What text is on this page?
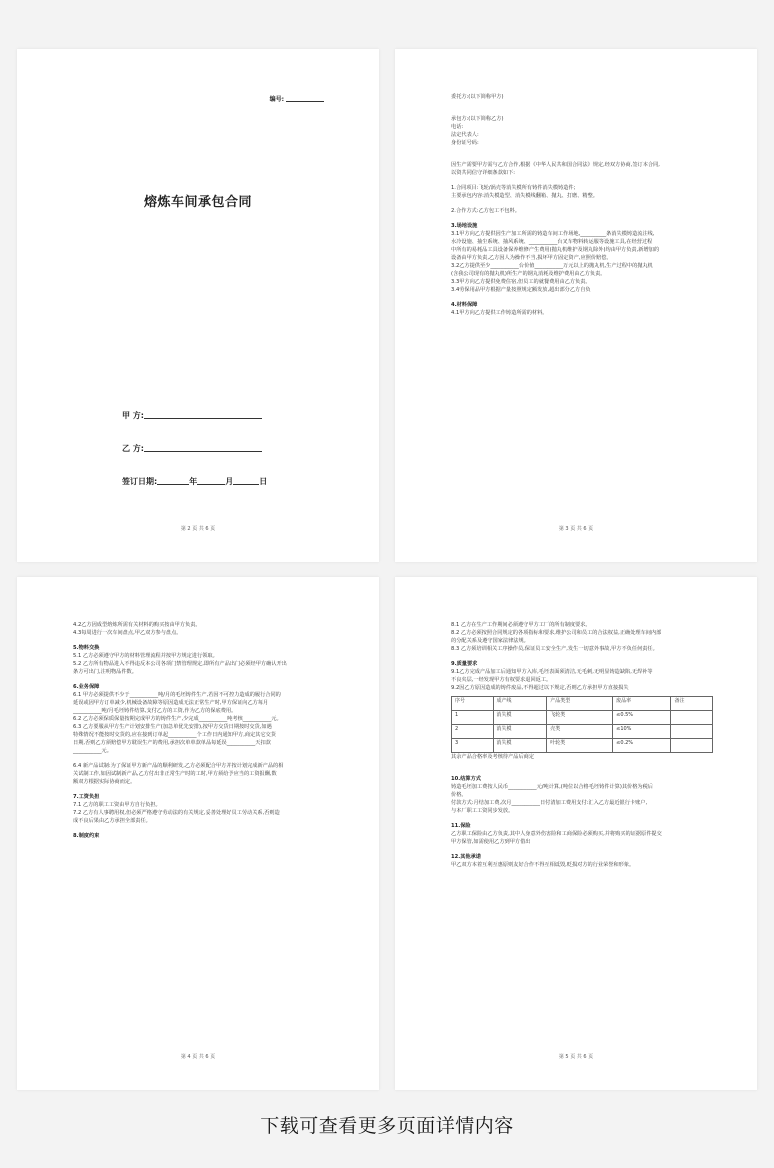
编号:
熔炼车间承包合同
甲 方:
乙 方:
签订日期:	年	月	日
第 2 页 共 6 页

委托方:(以下简称甲方)

承包方:(以下简称乙方)

电话:

法定代表人:

身份证号码:

因生产需要甲方需与乙方合作,根据《中华人民共和国合同法》规定,经双方协商,签订本合同,

以资共同信守详细条款如下:

1.合同项目:飞轮/涡壳等消失模所有铸件消失模铸造件;

主要承包内容:消失模造型、消失模线翻箱、抛丸、打磨、精整。

2.合作方式:乙方包工不包料。

3.场地设施

3.1甲方向乙方提供因生产加工所需的铸造车间工作场地,__________条消失模铸造流注线,

水冷设施、抽尘系统、抽风系统、___________台叉车物料转运服等设施工具,在经营过程

中所有的易耗品工具设备保养维修产生费用(抛丸机维护及钢丸除外)均由甲方负责,新增加的

设备由甲方负责,乙方因人为操作不当,损坏甲方固定资产,应照价赔偿。

3.2乙方提供至少___________台价值___________万元以上的抛丸机,生产过程中的抛丸机

(含我公司现有的抛丸机)所生产的钢丸消耗及维护费用由乙方负责。

3.3甲方向乙方提供免费住宿,但员工的就餐费用由乙方负责。

3.4劳保用品甲方根据产量按照规定额发放,超出部分乙方自负

4.材料保障

4.1甲方向乙方提供工作铸造所需的材料。

第 3 页 共 6 页

4.2乙方因成型熔炼所需有关材料的购买按由甲方负责。

4.3每周进行一次车间盘点,甲乙双方参与盘点。

5.物料交换

5.1 乙方必须遵守甲方的材料管理流程并按甲方规定进行领取。

5.2 乙方所有物品进入不得违反本公司各项门禁管理规定,即所有产品出门必须经甲方确认开出

条方可出门,注明物品件数。

6.业务保障

6.1 甲方必须提供不少于___________吨/月的毛坯铸件生产,若因不可控力造成的履行合同的

延误或因甲方订单减少,机械设备故障等原因造成无法正常生产时,甲方保证向乙方每月

___________吨/月毛坯铸件结算,支付乙方的工资,作为乙方的保底费用。

6.2 乙方必须保质保量按期完成甲方的铸件生产,少完成___________吨考核___________元。

6.3 乙方要服从甲方生产计划安排生产(加急单优先安排),按甲方交货日期按时交货,如遇

特殊情况不能按时交货的,应在接到订单起___________个工作日内通知甲方,商定其它交货

日期,否则乙方须赔偿甲方耽误生产的费用,承担次单单款单品每延误___________天扣款

___________元。

6.4 新产品试制:为了保证甲方新产品的顺利研发,乙方必须配合甲方并按计划完成新产品的相

关试制工作,如因试制新产品,乙方付出非正常生产时的工时,甲方须给予应当的工资报酬,数

额双方根据实际协商而定。

7.工资负担

7.1 乙方的职工工资由甲方自行负担。

7.2 乙方有人事聘用权,但必须严格遵守劳动法的有关规定,妥善处理好员工劳动关系,否则造

成不良后果由乙方承担全部责任。

8.制度约束

第 4 页 共 6 页

8.1 乙方在生产工作期间必须遵守甲方工厂的所有制度要求。

8.2 乙方必须按照合同规定的各项指标和要求,维护公司和员工的合法权益,正确处理车间内部

的分配关系及遵守国家法律法规。

8.3 乙方须培训相关工序操作员,保证员工安全生产,发生一切意外事故,甲方不负任何责任。

9.质量要求

9.1乙方完成产品加工后通知甲方入库,毛坯表面须清洁,无毛刺,无明显铸造缺陷,无焊补等

不良夹层,一经发现甲方有权要求退回返工。

9.2因乙方原因造成的铸件废品,不得超过以下规定,否则乙方承担甲方直接损失

序号	成产线	产品类型	废品率	备注
1	消失模	飞轮类	≤0.5%	
2	消失模	壳类	≤10%	
3	消失模	叶轮类	≤0.2%	

其余产品合格率及考核待产品后商定

10.结算方式

铸造毛坯加工费按人民币___________元/吨计算,(吨位以合格毛坯铸件计算)其价格为税后

价格。

付款方式:月结加工费,次月___________日付清加工费用支付:汇入乙方最近银行卡账户,

与本厂职工工资同步发放。

11.保险

乙方职工保险由乙方负责,其中人身意外伤害险和工商保险必须购买,并将购买的证据原件提交

甲方保管,如需使用乙方到甲方借出

12.其他承诺

甲乙双方本着互利互惠原则友好合作不得互相诋毁,贬损对方的行业荣誉和形象。

第 5 页 共 6 页
下载可查看更多页面详情内容
